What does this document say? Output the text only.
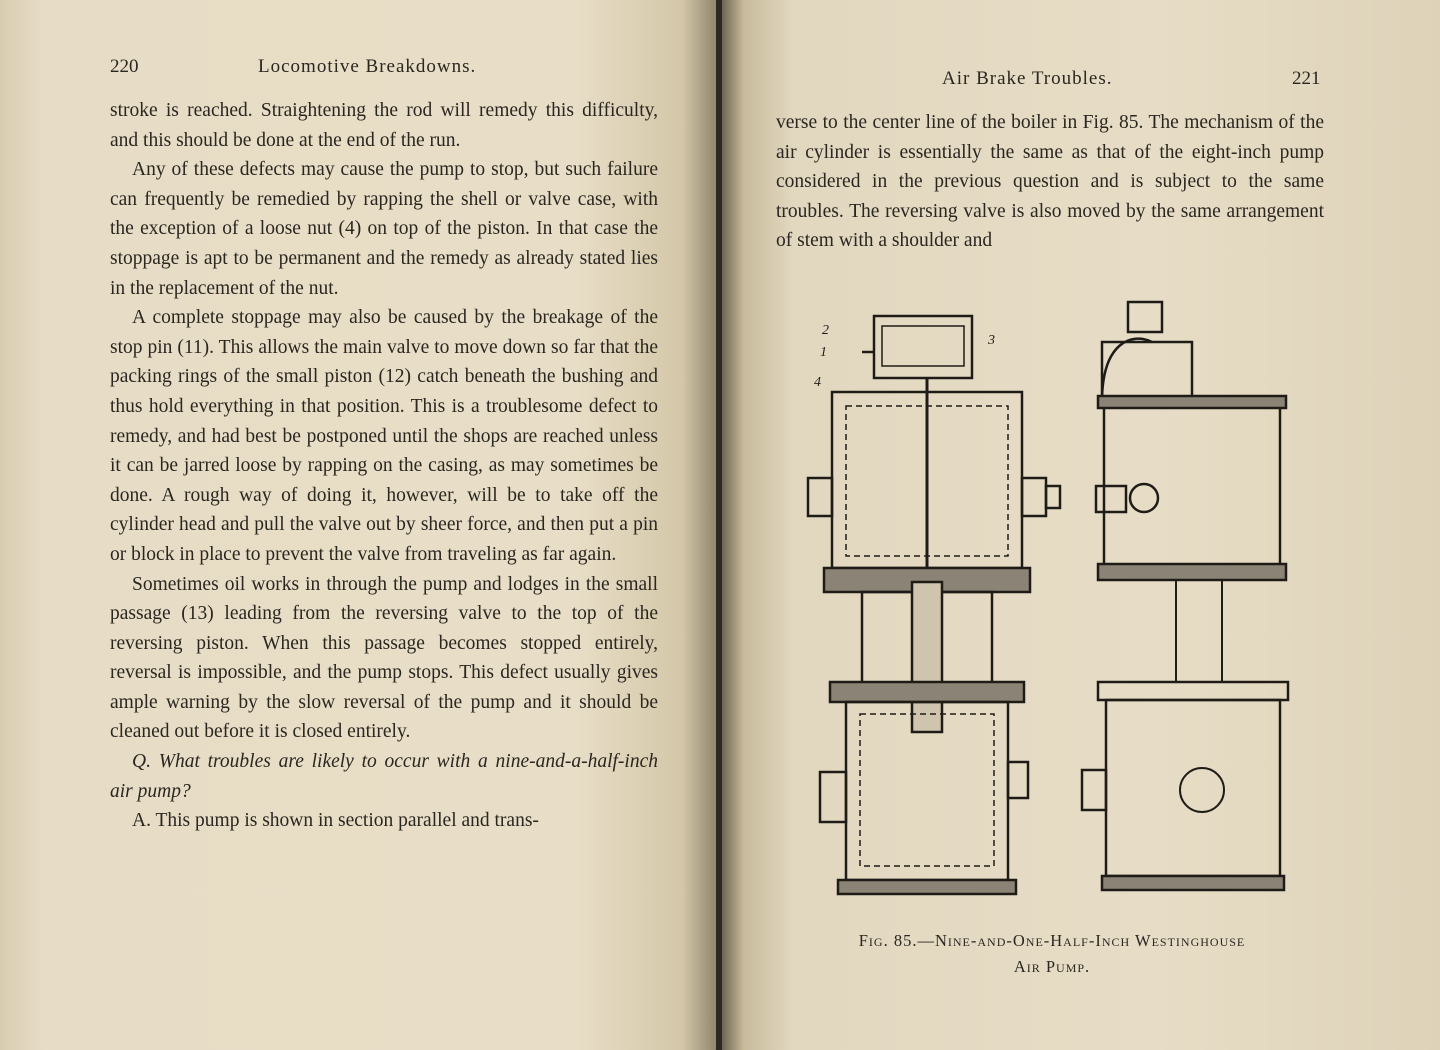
220	Locomotive Breakdowns.

stroke is reached. Straightening the rod will remedy this difficulty, and this should be done at the end of the run.

Any of these defects may cause the pump to stop, but such failure can frequently be remedied by rapping the shell or valve case, with the exception of a loose nut (4) on top of the piston. In that case the stoppage is apt to be permanent and the remedy as already stated lies in the replacement of the nut.

A complete stoppage may also be caused by the breakage of the stop pin (11). This allows the main valve to move down so far that the packing rings of the small piston (12) catch beneath the bushing and thus hold everything in that position. This is a troublesome defect to remedy, and had best be postponed until the shops are reached unless it can be jarred loose by rapping on the casing, as may sometimes be done. A rough way of doing it, however, will be to take off the cylinder head and pull the valve out by sheer force, and then put a pin or block in place to prevent the valve from traveling as far again.

Sometimes oil works in through the pump and lodges in the small passage (13) leading from the reversing valve to the top of the reversing piston. When this passage becomes stopped entirely, reversal is impossible, and the pump stops. This defect usually gives ample warning by the slow reversal of the pump and it should be cleaned out before it is closed entirely.

Q. What troubles are likely to occur with a nine-and-a-half-inch air pump?

A. This pump is shown in section parallel and trans-

Air Brake Troubles.	221

verse to the center line of the boiler in Fig. 85. The mechanism of the air cylinder is essentially the same as that of the eight-inch pump considered in the previous question and is subject to the same troubles. The reversing valve is also moved by the same arrangement of stem with a shoulder and

2
1
4
3
Fig. 85.—Nine-and-One-Half-Inch Westinghouse
Air Pump.
